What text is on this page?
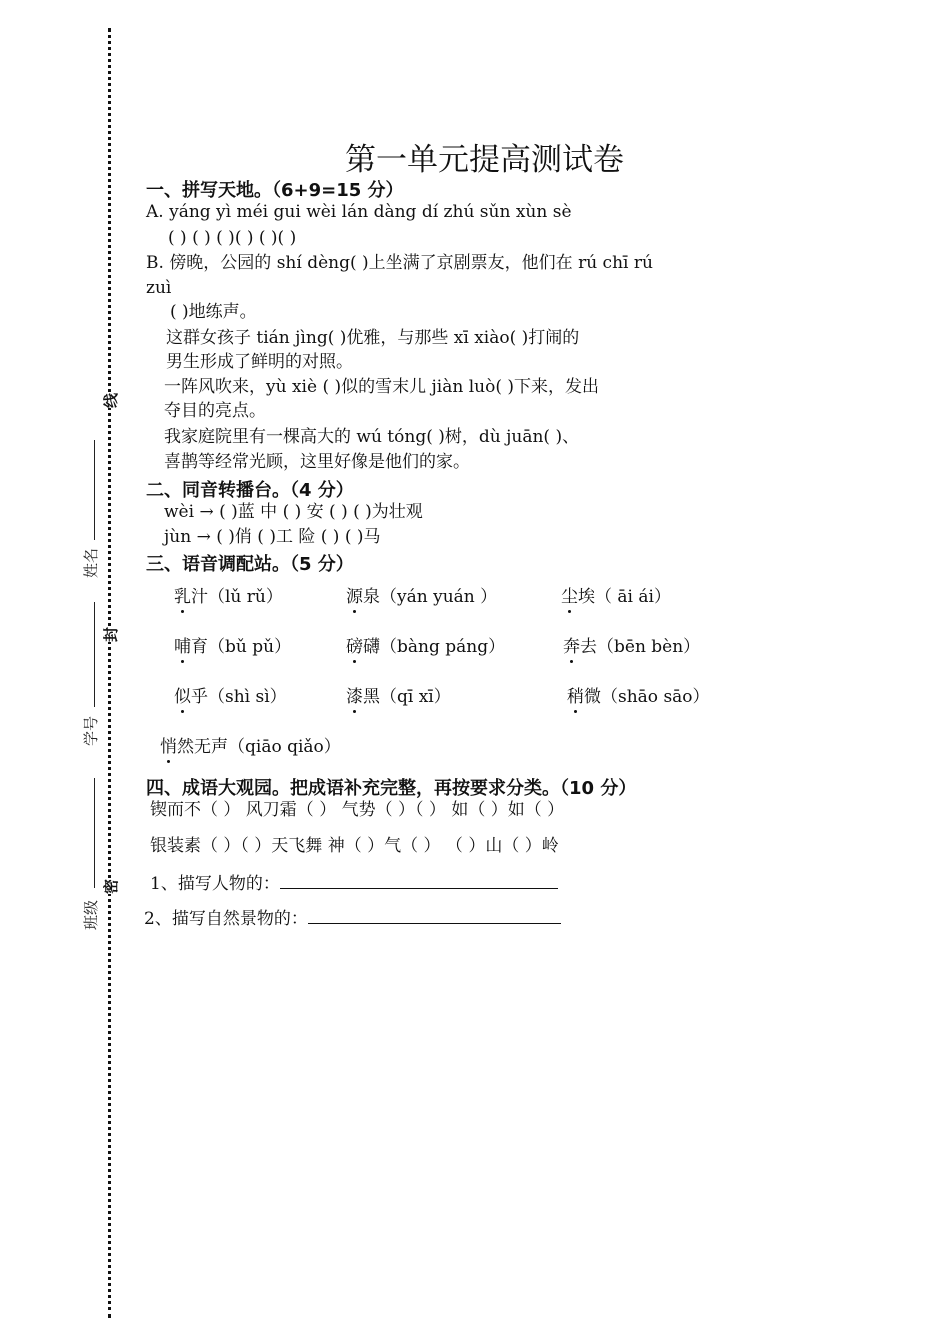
姓名
学号
班级
线
封
密
第一单元提高测试卷
一、拼写天地。（6+9=15 分）
A. yáng yì méi gui wèi lán dàng dí zhú sǔn xùn sè
( ) ( ) ( )( ) ( )( )
B. 傍晚，公园的 shí dèng( )上坐满了京剧票友，他们在 rú chī rú
zuì
( )地练声。
这群女孩子 tián jìng( )优雅，与那些 xī xiào( )打闹的
男生形成了鲜明的对照。
一阵风吹来，yù xiè ( )似的雪末儿 jiàn luò( )下来，发出
夺目的亮点。
我家庭院里有一棵高大的 wú tóng( )树，dù juān( )、
喜鹊等经常光顾，这里好像是他们的家。
二、同音转播台。（4 分）
wèi → ( )蓝 中 ( ) 安 ( ) ( )为壮观
jùn → ( )俏 ( )工 险 ( ) ( )马
三、语音调配站。（5 分）
乳汁（lǔ rǔ）	源泉（yán yuán ）	尘埃（ āi ái）
哺育（bǔ pǔ）	磅礴（bàng páng）	奔去（bēn bèn）
似乎（shì sì）	漆黑（qī xī）	稍微（shāo sāo）
悄然无声（qiāo qiǎo）
四、成语大观园。把成语补充完整，再按要求分类。（10 分）
锲而不（ ） 风刀霜（ ） 气势（ ）（ ） 如（ ）如（ ）
银装素（ ）（ ）天飞舞 神（ ）气（ ） （ ）山（ ）岭
1、描写人物的：
2、描写自然景物的：
